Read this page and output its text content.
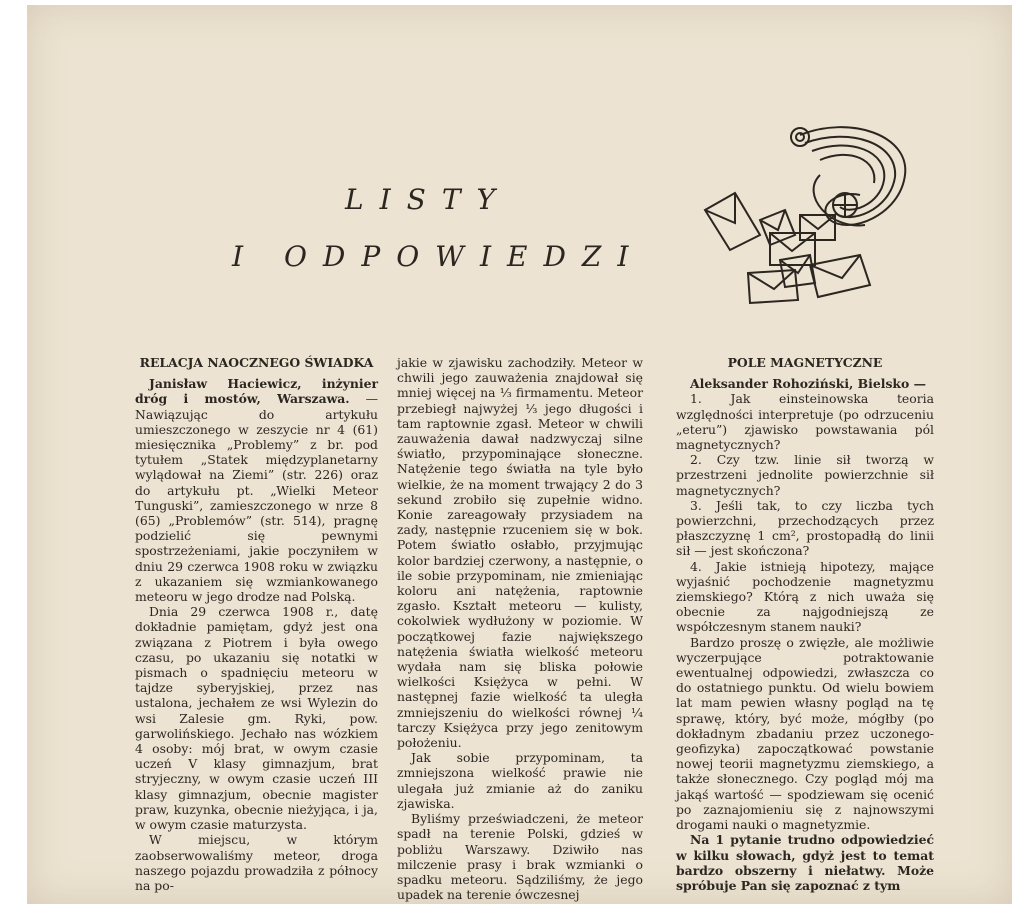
LISTY
I ODPOWIEDZI
RELACJA NAOCZNEGO ŚWIADKA

Janisław Haciewicz, inżynier dróg i mostów, Warszawa. — Nawiązując do artykułu umieszczonego w zeszycie nr 4 (61) miesięcznika „Problemy” z br. pod tytułem „Statek międzyplanetarny wylądował na Ziemi” (str. 226) oraz do artykułu pt. „Wielki Meteor Tunguski”, zamieszczonego w nrze 8 (65) „Problemów” (str. 514), pragnę podzielić się pewnymi spostrzeżeniami, jakie poczyniłem w dniu 29 czerwca 1908 roku w związku z ukazaniem się wzmiankowanego meteoru w jego drodze nad Polską.

Dnia 29 czerwca 1908 r., datę dokładnie pamiętam, gdyż jest ona związana z Piotrem i była owego czasu, po ukazaniu się notatki w pismach o spadnięciu meteoru w tajdze syberyjskiej, przez nas ustalona, jechałem ze wsi Wylezin do wsi Zalesie gm. Ryki, pow. garwolińskiego. Jechało nas wózkiem 4 osoby: mój brat, w owym czasie uczeń V klasy gimnazjum, brat stryjeczny, w owym czasie uczeń III klasy gimnazjum, obecnie magister praw, kuzynka, obecnie nieżyjąca, i ja, w owym czasie maturzysta.

W miejscu, w którym zaobserwowaliśmy meteor, droga naszego pojazdu prowadziła z północy na po-

jakie w zjawisku zachodziły. Meteor w chwili jego zauważenia znajdował się mniej więcej na ⅓ firmamentu. Meteor przebiegł najwyżej ⅓ jego długości i tam raptownie zgasł. Meteor w chwili zauważenia dawał nadzwyczaj silne światło, przypominające słoneczne. Natężenie tego światła na tyle było wielkie, że na moment trwający 2 do 3 sekund zrobiło się zupełnie widno. Konie zareagowały przysiadem na zady, następnie rzuceniem się w bok. Potem światło osłabło, przyjmując kolor bardziej czerwony, a następnie, o ile sobie przypominam, nie zmieniając koloru ani natężenia, raptownie zgasło. Kształt meteoru — kulisty, cokolwiek wydłużony w poziomie. W początkowej fazie największego natężenia światła wielkość meteoru wydała nam się bliska połowie wielkości Księżyca w pełni. W następnej fazie wielkość ta uległa zmniejszeniu do wielkości równej ¼ tarczy Księżyca przy jego zenitowym położeniu.

Jak sobie przypominam, ta zmniejszona wielkość prawie nie ulegała już zmianie aż do zaniku zjawiska.

Byliśmy przeświadczeni, że meteor spadł na terenie Polski, gdzieś w pobliżu Warszawy. Dziwiło nas milczenie prasy i brak wzmianki o spadku meteoru. Sądziliśmy, że jego upadek na terenie ówczesnej

POLE MAGNETYCZNE

Aleksander Rohoziński, Bielsko —

1. Jak einsteinowska teoria względności interpretuje (po odrzuceniu „eteru”) zjawisko powstawania pól magnetycznych?

2. Czy tzw. linie sił tworzą w przestrzeni jednolite powierzchnie sił magnetycznych?

3. Jeśli tak, to czy liczba tych powierzchni, przechodzących przez płaszczyznę 1 cm², prostopadłą do linii sił — jest skończona?

4. Jakie istnieją hipotezy, mające wyjaśnić pochodzenie magnetyzmu ziemskiego? Którą z nich uważa się obecnie za najgodniejszą ze współczesnym stanem nauki?

Bardzo proszę o zwięzłe, ale możliwie wyczerpujące potraktowanie ewentualnej odpowiedzi, zwłaszcza co do ostatniego punktu. Od wielu bowiem lat mam pewien własny pogląd na tę sprawę, który, być może, mógłby (po dokładnym zbadaniu przez uczonego-geofizyka) zapoczątkować powstanie nowej teorii magnetyzmu ziemskiego, a także słonecznego. Czy pogląd mój ma jakąś wartość — spodziewam się ocenić po zaznajomieniu się z najnowszymi drogami nauki o magnetyzmie.

Na 1 pytanie trudno odpowiedzieć w kilku słowach, gdyż jest to temat bardzo obszerny i niełatwy. Może spróbuje Pan się zapoznać z tym
